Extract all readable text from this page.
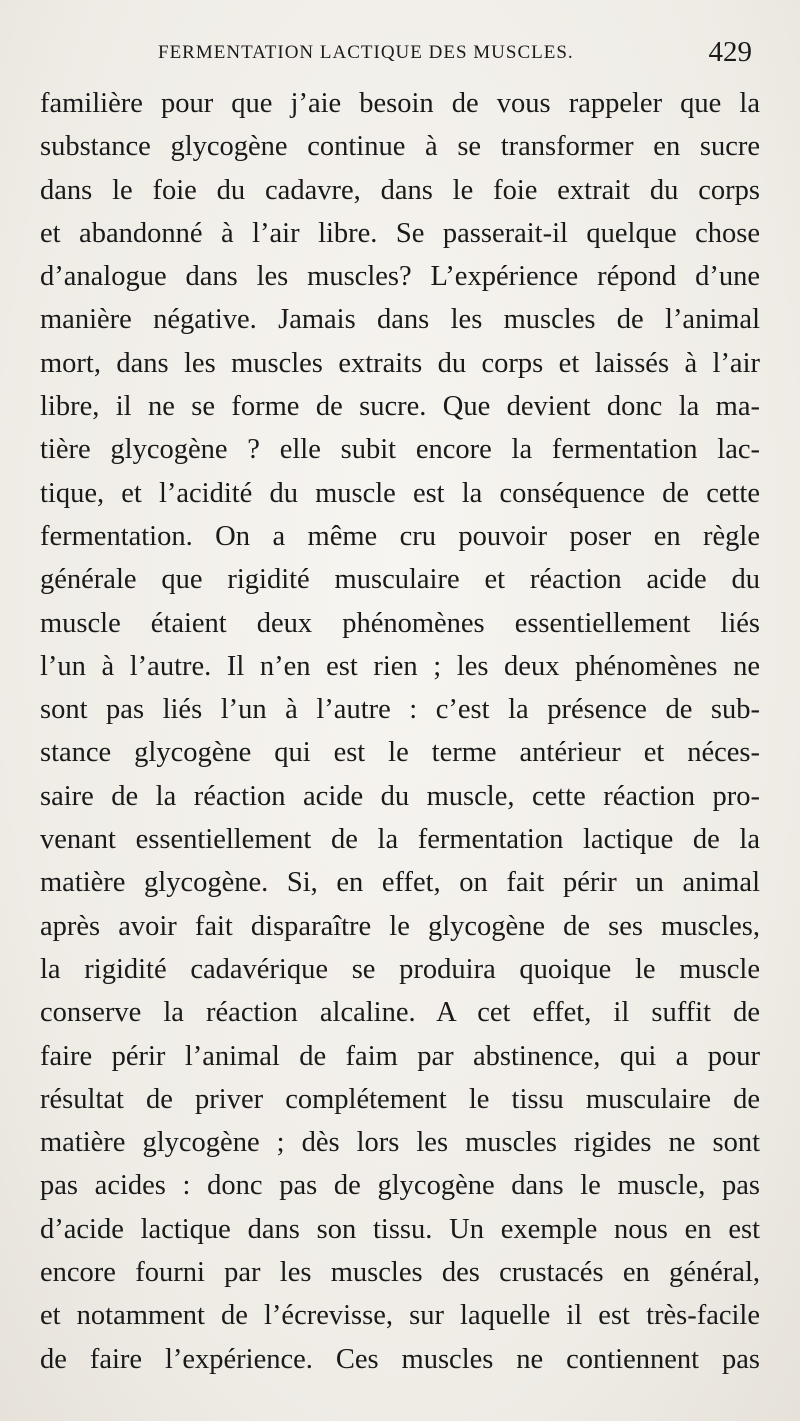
FERMENTATION LACTIQUE DES MUSCLES.	429
familière pour que j’aie besoin de vous rappeler que la
substance glycogène continue à se transformer en sucre
dans le foie du cadavre, dans le foie extrait du corps
et abandonné à l’air libre. Se passerait-il quelque chose
d’analogue dans les muscles? L’expérience répond d’une
manière négative. Jamais dans les muscles de l’animal
mort, dans les muscles extraits du corps et laissés à l’air
libre, il ne se forme de sucre. Que devient donc la ma-
tière glycogène ? elle subit encore la fermentation lac-
tique, et l’acidité du muscle est la conséquence de cette
fermentation. On a même cru pouvoir poser en règle
générale que rigidité musculaire et réaction acide du
muscle étaient deux phénomènes essentiellement liés
l’un à l’autre. Il n’en est rien ; les deux phénomènes ne
sont pas liés l’un à l’autre : c’est la présence de sub-
stance glycogène qui est le terme antérieur et néces-
saire de la réaction acide du muscle, cette réaction pro-
venant essentiellement de la fermentation lactique de la
matière glycogène. Si, en effet, on fait périr un animal
après avoir fait disparaître le glycogène de ses muscles,
la rigidité cadavérique se produira quoique le muscle
conserve la réaction alcaline. A cet effet, il suffit de
faire périr l’animal de faim par abstinence, qui a pour
résultat de priver complétement le tissu musculaire de
matière glycogène ; dès lors les muscles rigides ne sont
pas acides : donc pas de glycogène dans le muscle, pas
d’acide lactique dans son tissu. Un exemple nous en est
encore fourni par les muscles des crustacés en général,
et notamment de l’écrevisse, sur laquelle il est très-facile
de faire l’expérience. Ces muscles ne contiennent pas
